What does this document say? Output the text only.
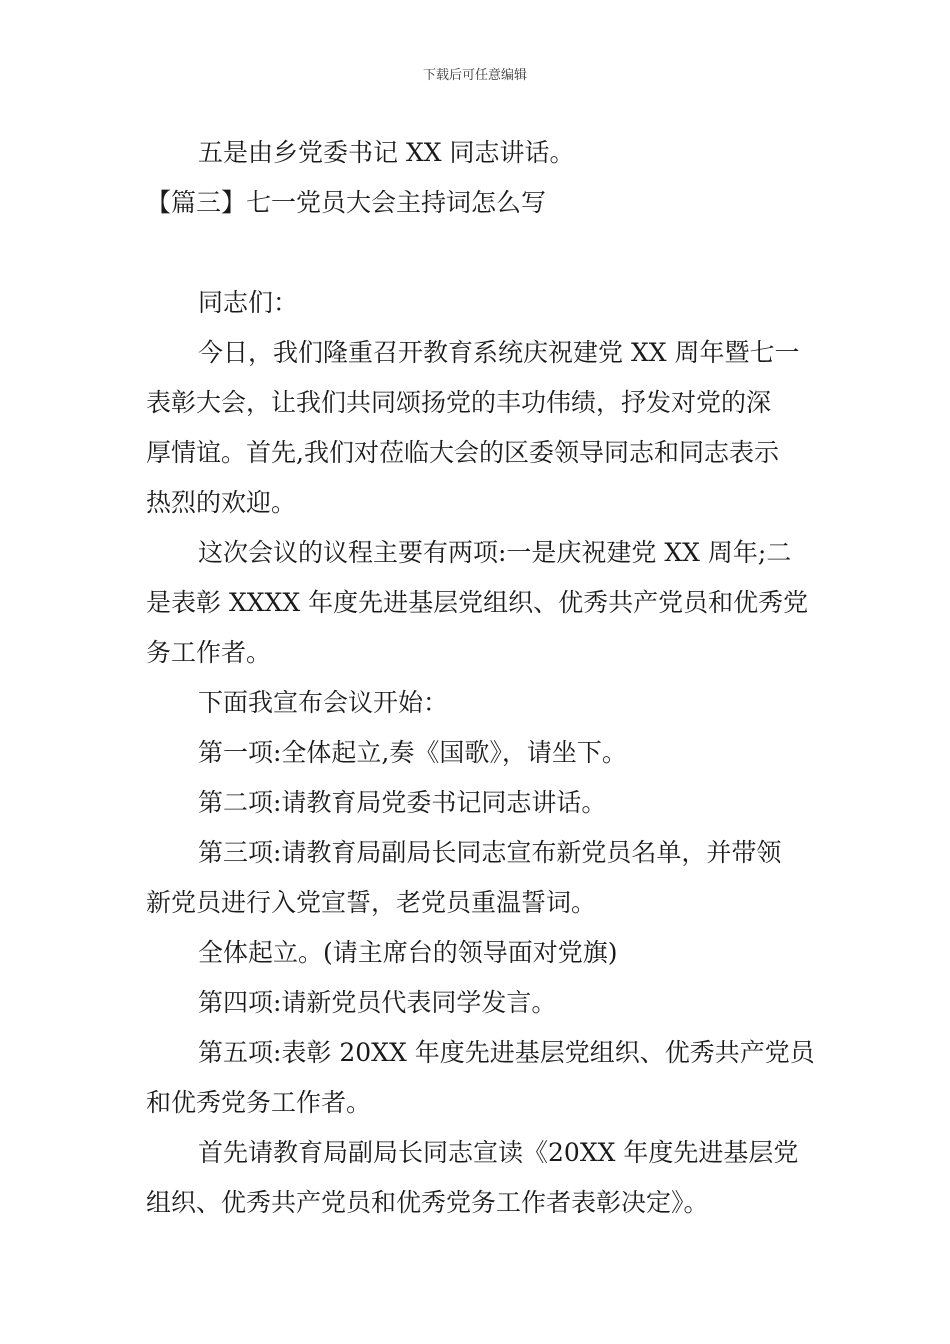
下载后可任意编辑
五是由乡党委书记 XX 同志讲话。
【篇三】七一党员大会主持词怎么写
同志们：
今日，我们隆重召开教育系统庆祝建党 XX 周年暨七一
表彰大会，让我们共同颂扬党的丰功伟绩，抒发对党的深
厚情谊。首先,我们对莅临大会的区委领导同志和同志表示
热烈的欢迎。
这次会议的议程主要有两项:一是庆祝建党 XX 周年;二
是表彰 XXXX 年度先进基层党组织、优秀共产党员和优秀党
务工作者。
下面我宣布会议开始：
第一项:全体起立,奏《国歌》，请坐下。
第二项:请教育局党委书记同志讲话。
第三项:请教育局副局长同志宣布新党员名单，并带领
新党员进行入党宣誓，老党员重温誓词。
全体起立。(请主席台的领导面对党旗)
第四项:请新党员代表同学发言。
第五项:表彰 20XX 年度先进基层党组织、优秀共产党员
和优秀党务工作者。
首先请教育局副局长同志宣读《20XX 年度先进基层党
组织、优秀共产党员和优秀党务工作者表彰决定》。
